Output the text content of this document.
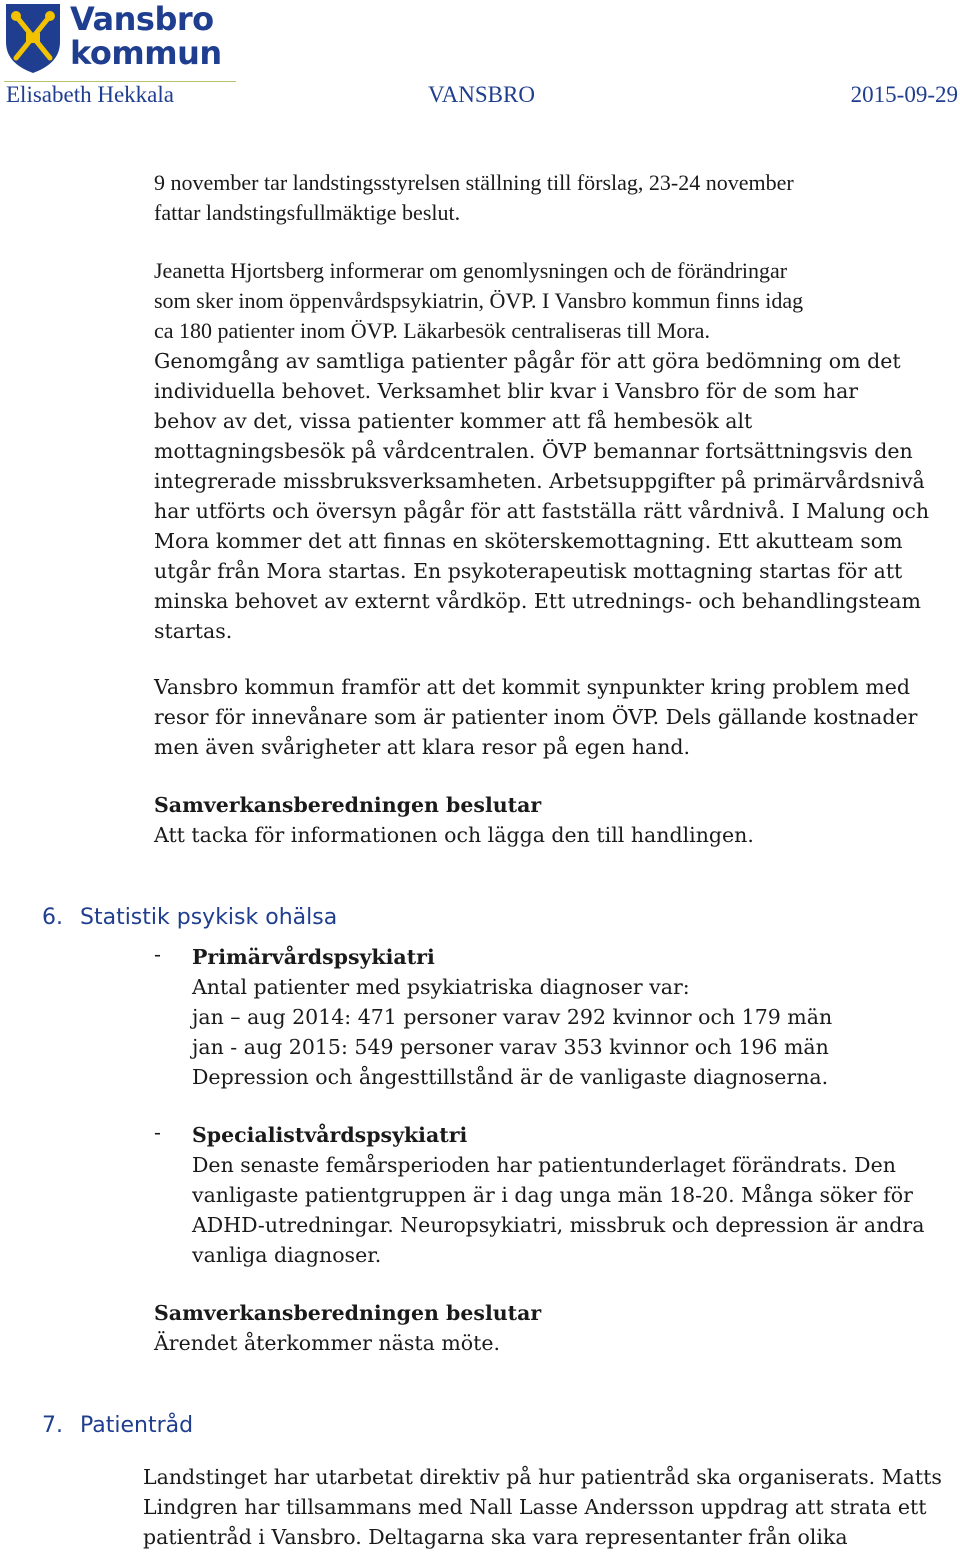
Vansbro
kommun
Elisabeth Hekkala	VANSBRO	2015-09-29
9 november tar landstingsstyrelsen ställning till förslag, 23-24 november
fattar landstingsfullmäktige beslut.
Jeanetta Hjortsberg informerar om genomlysningen och de förändringar
som sker inom öppenvårdspsykiatrin, ÖVP. I Vansbro kommun finns idag
ca 180 patienter inom ÖVP. Läkarbesök centraliseras till Mora.
Genomgång av samtliga patienter pågår för att göra bedömning om det
individuella behovet. Verksamhet blir kvar i Vansbro för de som har
behov av det, vissa patienter kommer att få hembesök alt
mottagningsbesök på vårdcentralen. ÖVP bemannar fortsättningsvis den
integrerade missbruksverksamheten. Arbetsuppgifter på primärvårdsnivå
har utförts och översyn pågår för att fastställa rätt vårdnivå. I Malung och
Mora kommer det att finnas en sköterskemottagning. Ett akutteam som
utgår från Mora startas. En psykoterapeutisk mottagning startas för att
minska behovet av externt vårdköp. Ett utrednings- och behandlingsteam
startas.
Vansbro kommun framför att det kommit synpunkter kring problem med
resor för innevånare som är patienter inom ÖVP. Dels gällande kostnader
men även svårigheter att klara resor på egen hand.
Samverkansberedningen beslutar
Att tacka för informationen och lägga den till handlingen.
6. Statistik psykisk ohälsa
- Primärvårdspsykiatri
Antal patienter med psykiatriska diagnoser var:
jan – aug 2014: 471 personer varav 292 kvinnor och 179 män
jan - aug 2015: 549 personer varav 353 kvinnor och 196 män
Depression och ångesttillstånd är de vanligaste diagnoserna.
- Specialistvårdspsykiatri
Den senaste femårsperioden har patientunderlaget förändrats. Den
vanligaste patientgruppen är i dag unga män 18-20. Många söker för
ADHD-utredningar. Neuropsykiatri, missbruk och depression är andra
vanliga diagnoser.
Samverkansberedningen beslutar
Ärendet återkommer nästa möte.
7. Patientråd
Landstinget har utarbetat direktiv på hur patientråd ska organiserats. Matts
Lindgren har tillsammans med Nall Lasse Andersson uppdrag att strata ett
patientråd i Vansbro. Deltagarna ska vara representanter från olika
